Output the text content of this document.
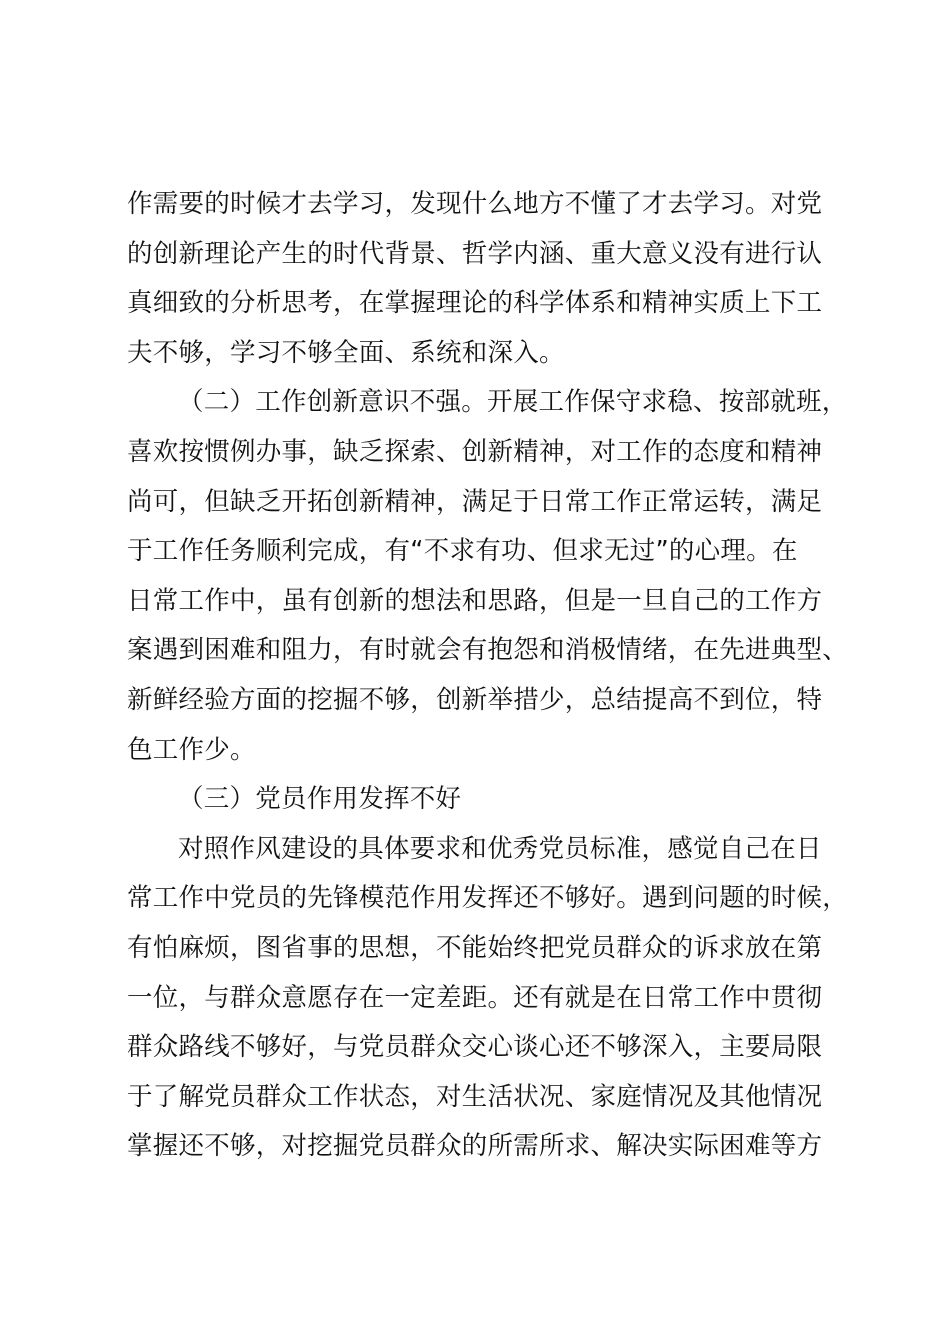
作需要的时候才去学习，发现什么地方不懂了才去学习。对党
的创新理论产生的时代背景、哲学内涵、重大意义没有进行认
真细致的分析思考，在掌握理论的科学体系和精神实质上下工
夫不够，学习不够全面、系统和深入。
（二）工作创新意识不强。开展工作保守求稳、按部就班，
喜欢按惯例办事，缺乏探索、创新精神，对工作的态度和精神
尚可，但缺乏开拓创新精神，满足于日常工作正常运转，满足
于工作任务顺利完成，有“不求有功、但求无过”的心理。在
日常工作中，虽有创新的想法和思路，但是一旦自己的工作方
案遇到困难和阻力，有时就会有抱怨和消极情绪，在先进典型、
新鲜经验方面的挖掘不够，创新举措少，总结提高不到位，特
色工作少。
（三）党员作用发挥不好
对照作风建设的具体要求和优秀党员标准，感觉自己在日
常工作中党员的先锋模范作用发挥还不够好。遇到问题的时候，
有怕麻烦，图省事的思想，不能始终把党员群众的诉求放在第
一位，与群众意愿存在一定差距。还有就是在日常工作中贯彻
群众路线不够好，与党员群众交心谈心还不够深入，主要局限
于了解党员群众工作状态，对生活状况、家庭情况及其他情况
掌握还不够，对挖掘党员群众的所需所求、解决实际困难等方
